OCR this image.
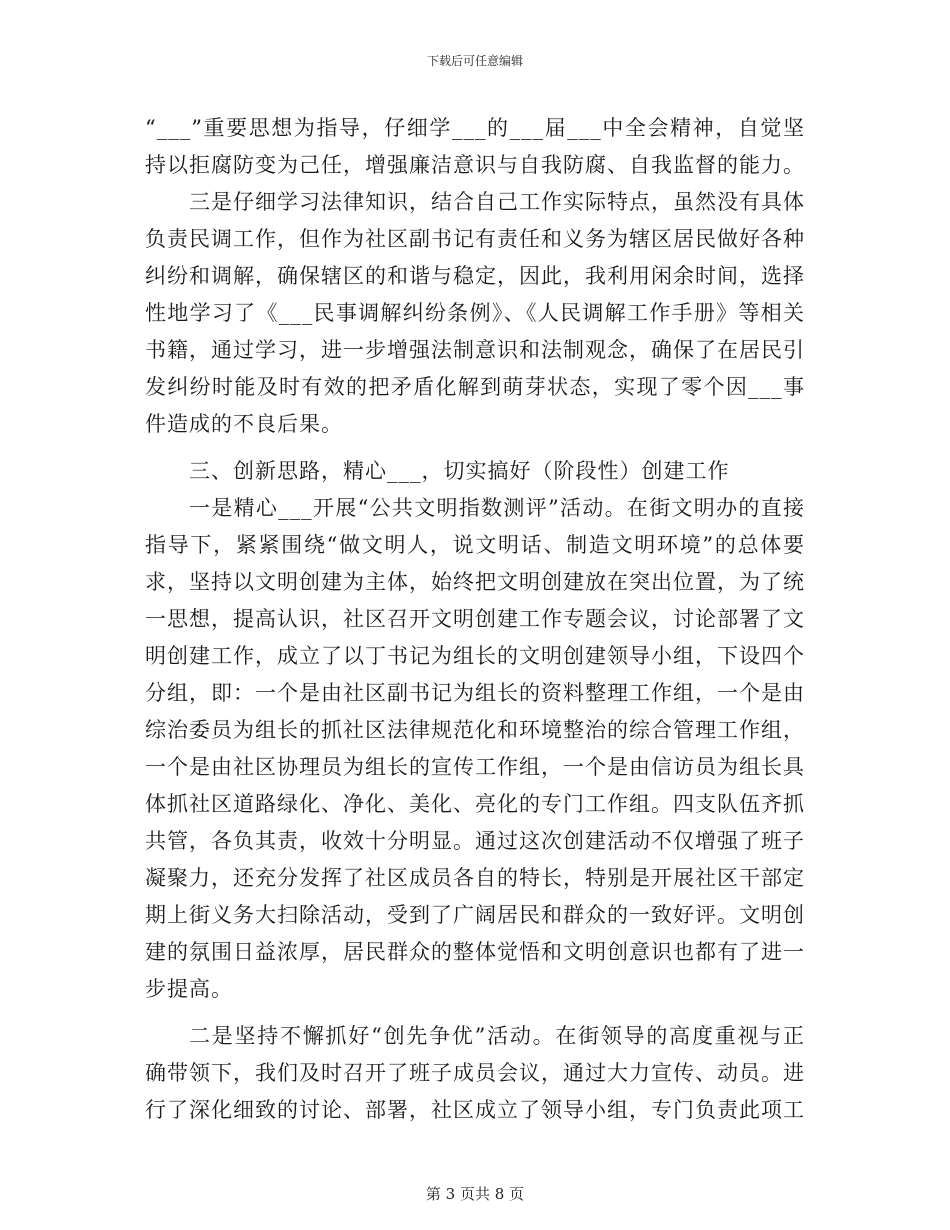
下载后可任意编辑

“___”重要思想为指导，仔细学___的___届___中全会精神，自觉坚持以拒腐防变为己任，增强廉洁意识与自我防腐、自我监督的能力。

三是仔细学习法律知识，结合自己工作实际特点，虽然没有具体负责民调工作，但作为社区副书记有责任和义务为辖区居民做好各种纠纷和调解，确保辖区的和谐与稳定，因此，我利用闲余时间，选择性地学习了《___民事调解纠纷条例》、《人民调解工作手册》等相关书籍，通过学习，进一步增强法制意识和法制观念，确保了在居民引发纠纷时能及时有效的把矛盾化解到萌芽状态，实现了零个因___事件造成的不良后果。

三、创新思路，精心___，切实搞好（阶段性）创建工作

一是精心___开展“公共文明指数测评”活动。在街文明办的直接指导下，紧紧围绕“做文明人，说文明话、制造文明环境”的总体要求，坚持以文明创建为主体，始终把文明创建放在突出位置，为了统一思想，提高认识，社区召开文明创建工作专题会议，讨论部署了文明创建工作，成立了以丁书记为组长的文明创建领导小组，下设四个分组，即：一个是由社区副书记为组长的资料整理工作组，一个是由综治委员为组长的抓社区法律规范化和环境整治的综合管理工作组，一个是由社区协理员为组长的宣传工作组，一个是由信访员为组长具体抓社区道路绿化、净化、美化、亮化的专门工作组。四支队伍齐抓共管，各负其责，收效十分明显。通过这次创建活动不仅增强了班子凝聚力，还充分发挥了社区成员各自的特长，特别是开展社区干部定期上街义务大扫除活动，受到了广阔居民和群众的一致好评。文明创建的氛围日益浓厚，居民群众的整体觉悟和文明创意识也都有了进一步提高。

二是坚持不懈抓好“创先争优”活动。在街领导的高度重视与正确带领下，我们及时召开了班子成员会议，通过大力宣传、动员。进行了深化细致的讨论、部署，社区成立了领导小组，专门负责此项工

第 3 页共 8 页
